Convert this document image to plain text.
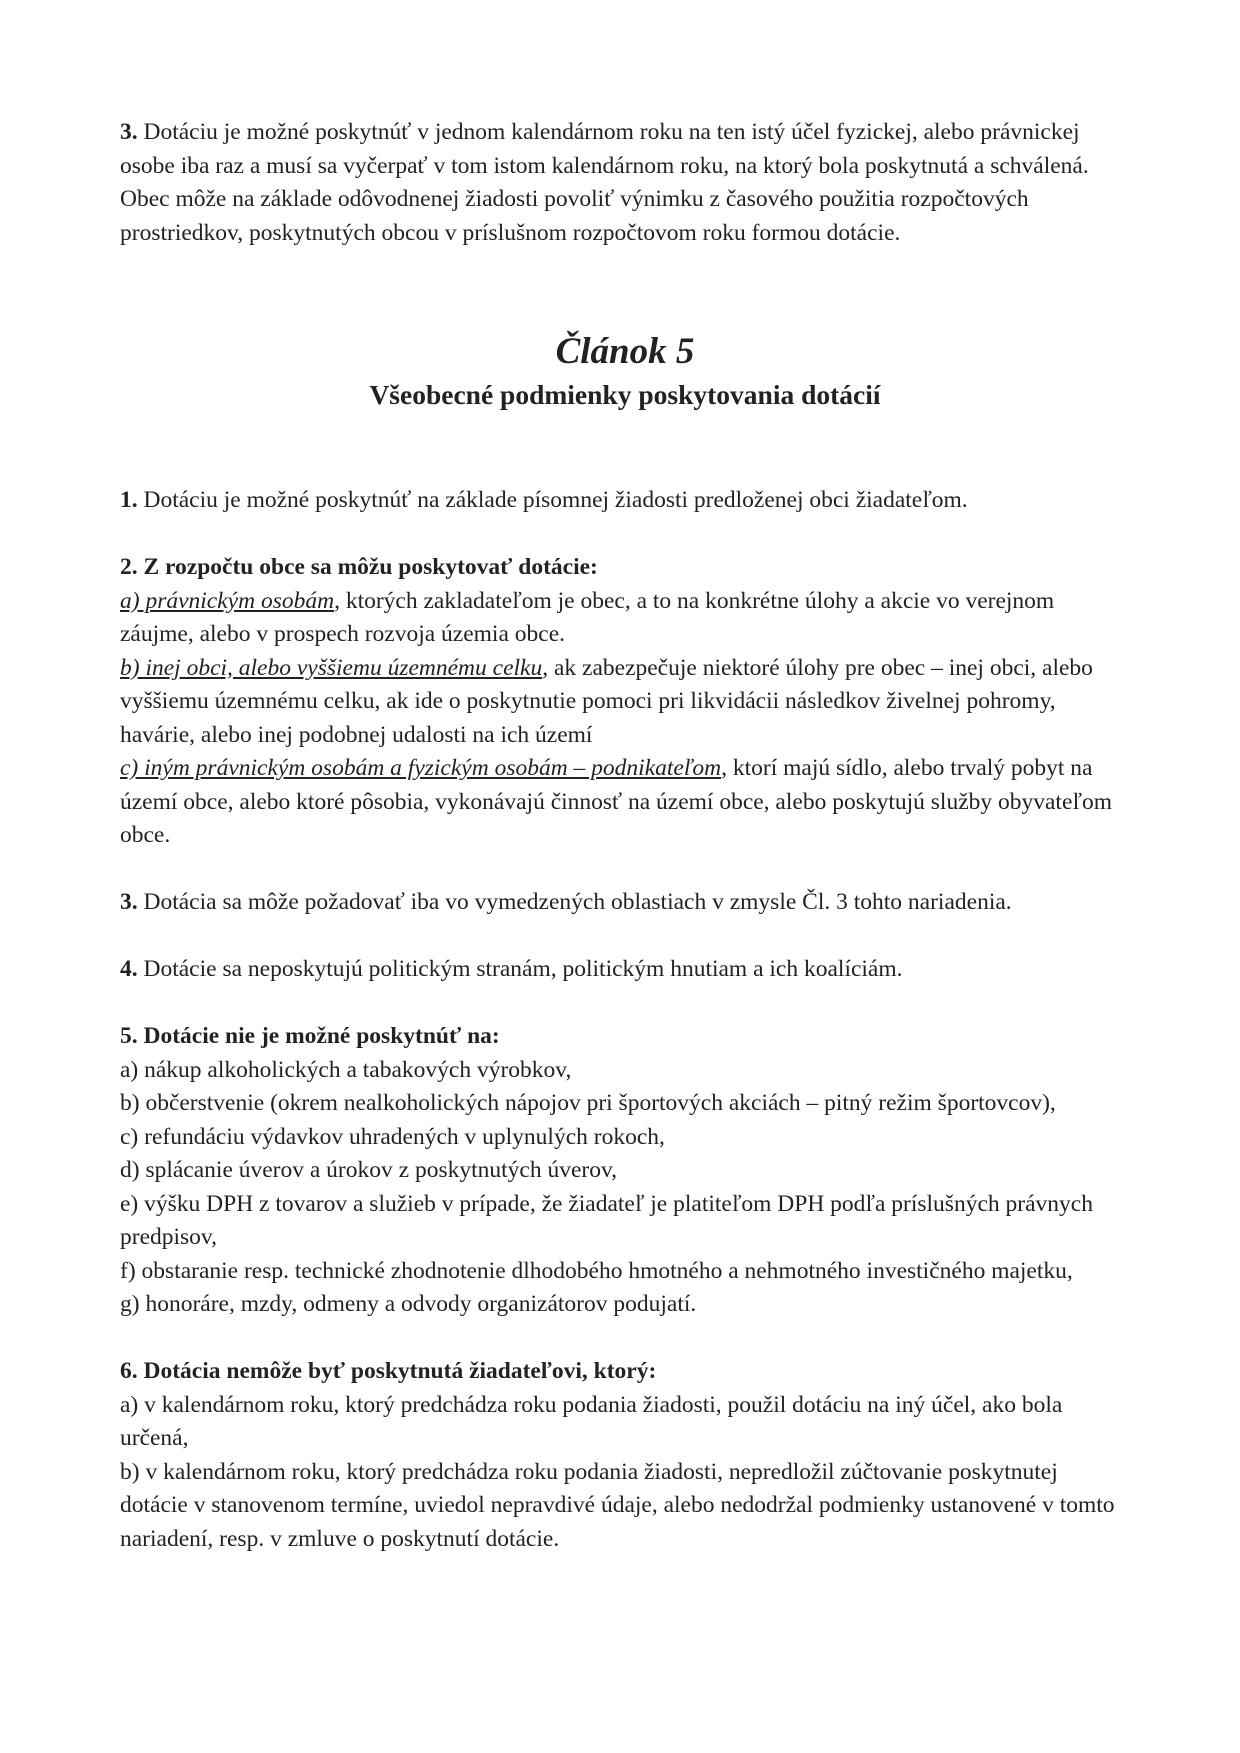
3. Dotáciu je možné poskytnúť v jednom kalendárnom roku na ten istý účel fyzickej, alebo právnickej osobe iba raz a musí sa vyčerpať v tom istom kalendárnom roku, na ktorý bola poskytnutá a schválená. Obec môže na základe odôvodnenej žiadosti povoliť výnimku z časového použitia rozpočtových prostriedkov, poskytnutých obcou v príslušnom rozpočtovom roku formou dotácie.

Článok 5

Všeobecné podmienky poskytovania dotácií

1. Dotáciu je možné poskytnúť na základe písomnej žiadosti predloženej obci žiadateľom.

2. Z rozpočtu obce sa môžu poskytovať dotácie:
a) právnickým osobám, ktorých zakladateľom je obec, a to na konkrétne úlohy a akcie vo verejnom záujme, alebo v prospech rozvoja územia obce.
b) inej obci, alebo vyššiemu územnému celku, ak zabezpečuje niektoré úlohy pre obec – inej obci, alebo vyššiemu územnému celku, ak ide o poskytnutie pomoci pri likvidácii následkov živelnej pohromy, havárie, alebo inej podobnej udalosti na ich území
c) iným právnickým osobám a fyzickým osobám – podnikateľom, ktorí majú sídlo, alebo trvalý pobyt na území obce, alebo ktoré pôsobia, vykonávajú činnosť na území obce, alebo poskytujú služby obyvateľom obce.

3. Dotácia sa môže požadovať iba vo vymedzených oblastiach v zmysle Čl. 3 tohto nariadenia.

4. Dotácie sa neposkytujú politickým stranám, politickým hnutiam a ich koalíciám.

5. Dotácie nie je možné poskytnúť na:
a) nákup alkoholických a tabakových výrobkov,
b) občerstvenie (okrem nealkoholických nápojov pri športových akciách – pitný režim športovcov),
c) refundáciu výdavkov uhradených v uplynulých rokoch,
d) splácanie úverov a úrokov z poskytnutých úverov,
e) výšku DPH z tovarov a služieb v prípade, že žiadateľ je platiteľom DPH podľa príslušných právnych predpisov,
f) obstaranie resp. technické zhodnotenie dlhodobého hmotného a nehmotného investičného majetku,
g) honoráre, mzdy, odmeny a odvody organizátorov podujatí.
6. Dotácia nemôže byť poskytnutá žiadateľovi, ktorý:
a) v kalendárnom roku, ktorý predchádza roku podania žiadosti, použil dotáciu na iný účel, ako bola určená,
b) v kalendárnom roku, ktorý predchádza roku podania žiadosti, nepredložil zúčtovanie poskytnutej dotácie v stanovenom termíne, uviedol nepravdivé údaje, alebo nedodržal podmienky ustanovené v tomto nariadení, resp. v zmluve o poskytnutí dotácie.
